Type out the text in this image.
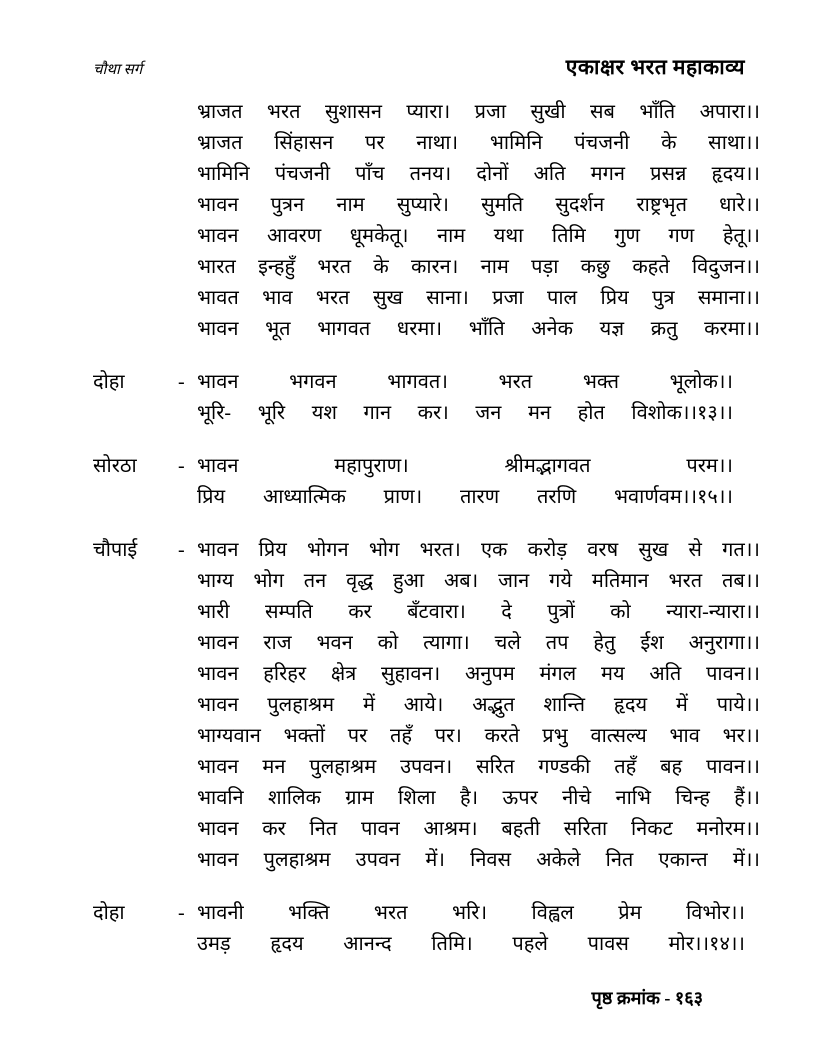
चौथा सर्ग	एकाक्षर भरत महाकाव्य
भ्राजत भरत सुशासन प्यारा। प्रजा सुखी सब भाँति अपारा।।
भ्राजत सिंहासन पर नाथा। भामिनि पंचजनी के साथा।।
भामिनि पंचजनी पाँच तनय। दोनों अति मगन प्रसन्न हृदय।।
भावन पुत्रन नाम सुप्यारे। सुमति सुदर्शन राष्ट्रभृत धारे।।
भावन आवरण धूमकेतू। नाम यथा तिमि गुण गण हेतू।।
भारत इन्हहुँ भरत के कारन। नाम पड़ा कछु कहते विदुजन।।
भावत भाव भरत सुख साना। प्रजा पाल प्रिय पुत्र समाना।।
भावन भूत भागवत धरमा। भाँति अनेक यज्ञ क्रतु करमा।।
दोहा	- भावन भगवन भागवत। भरत भक्त भूलोक।।
भूरि- भूरि यश गान कर। जन मन होत विशोक।।१३।।
सोरठा	- भावन महापुराण। श्रीमद्भागवत परम।।
प्रिय आध्यात्मिक प्राण। तारण तरणि भवार्णवम।।१५।।
चौपाई	- भावन प्रिय भोगन भोग भरत। एक करोड़ वरष सुख से गत।।
भाग्य भोग तन वृद्ध हुआ अब। जान गये मतिमान भरत तब।।
भारी सम्पति कर बँटवारा। दे पुत्रों को न्यारा-न्यारा।।
भावन राज भवन को त्यागा। चले तप हेतु ईश अनुरागा।।
भावन हरिहर क्षेत्र सुहावन। अनुपम मंगल मय अति पावन।।
भावन पुलहाश्रम में आये। अद्भुत शान्ति हृदय में पाये।।
भाग्यवान भक्तों पर तहँ पर। करते प्रभु वात्सल्य भाव भर।।
भावन मन पुलहाश्रम उपवन। सरित गण्डकी तहँ बह पावन।।
भावनि शालिक ग्राम शिला है। ऊपर नीचे नाभि चिन्ह हैं।।
भावन कर नित पावन आश्रम। बहती सरिता निकट मनोरम।।
भावन पुलहाश्रम उपवन में। निवस अकेले नित एकान्त में।।
दोहा	- भावनी भक्ति भरत भरि। विह्वल प्रेम विभोर।।
उमड़ हृदय आनन्द तिमि। पहले पावस मोर।।१४।।
पृष्ठ क्रमांक - १६३
